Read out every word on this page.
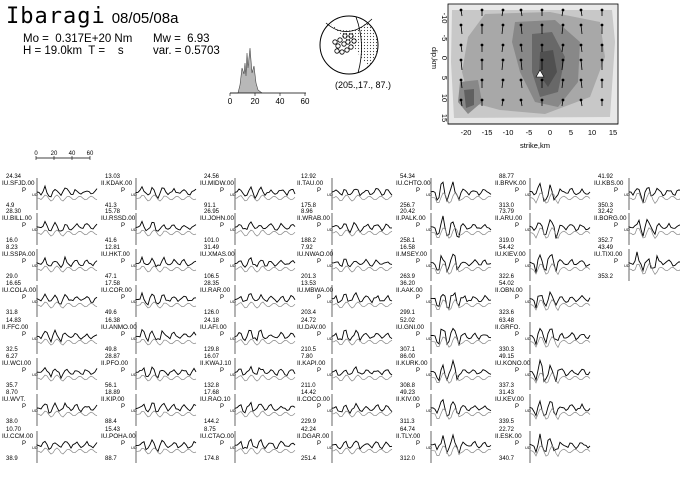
Ibaragi 08/05/08a
Mo =  0.317E+20 Nm Mw =  6.93
H = 19.0km  T =    s	var. = 0.5703
0 20 40 60
(205.,17., 87.)
-20 -15 -10 -5 0 5 10 15
strike,km
-10
-5
0
5
10
15
dip,km
0 20 40 60
24.34
IU.SFJD.00
P
UD
4.9
28.30
IU.BILL.00
P
UD
16.0
8.23
IU.SSPA.00
P
UD
29.0
16.65
IU.COLA.00
P
UD
31.8
14.83
II.FFC.00
P
UD
32.5
6.27
IU.WCI.00
P
UD
35.7
8.70
IU.WVT.
P
UD
38.0
10.70
IU.CCM.00
P
UD
38.9
13.03
II.KDAK.00
P
UD
41.3
15.78
IU.RSSD.00
P
UD
41.6
12.81
IU.HKT.00
P
UD
47.1
17.58
IU.COR.00
P
UD
49.6
16.38
IU.ANMO.00
P
UD
49.8
28.87
II.PFO.00
P
UD
56.1
18.89
II.KIP.00
P
UD
88.4
15.43
IU.POHA.00
P
UD
88.7
24.56
IU.MIDW.00
P
UD
91.1
26.95
IU.JOHN.00
P
UD
101.0
31.49
IU.XMAS.00
P
UD
106.5
28.35
IU.RAR.00
P
UD
126.0
24.18
IU.AFI.00
P
UD
129.8
16.07
II.KWAJ.10
P
UD
132.8
17.68
IU.RAO.10
P
UD
144.2
8.75
IU.CTAO.00
P
UD
174.8
12.92
II.TAU.00
P
UD
175.8
8.96
II.WRAB.00
P
UD
188.2
7.92
IU.NWAO.00
P
UD
201.3
13.53
IU.MBWA.00
P
UD
203.4
24.72
IU.DAV.00
P
UD
210.5
7.80
II.KAPI.00
P
UD
211.0
14.42
II.COCO.00
P
UD
229.9
42.24
II.DGAR.00
P
UD
251.4
54.34
IU.CHTO.00
P
UD
256.7
20.42
II.PALK.00
P
UD
258.1
16.58
II.MSEY.00
P
UD
263.9
36.20
II.AAK.00
P
UD
299.1
52.02
IU.GNI.00
P
UD
307.1
86.00
II.KURK.00
P
UD
308.8
49.23
II.KIV.00
P
UD
311.3
64.74
II.TLY.00
P
UD
312.0
88.77
II.BRVK.00
P
UD
313.0
73.79
II.ARU.00
P
UD
319.0
54.42
IU.KIEV.00
P
UD
322.6
54.02
II.OBN.00
P
UD
323.6
63.48
II.GRFO.
P
UD
330.3
49.15
IU.KONO.00
P
UD
337.3
31.43
IU.KEV.00
P
UD
339.5
22.72
II.ESK.00
P
UD
340.7
41.92
IU.KBS.00
P
UD
350.3
32.42
II.BORG.00
P
UD
352.7
43.49
IU.TIXI.00
P
UD
353.2
